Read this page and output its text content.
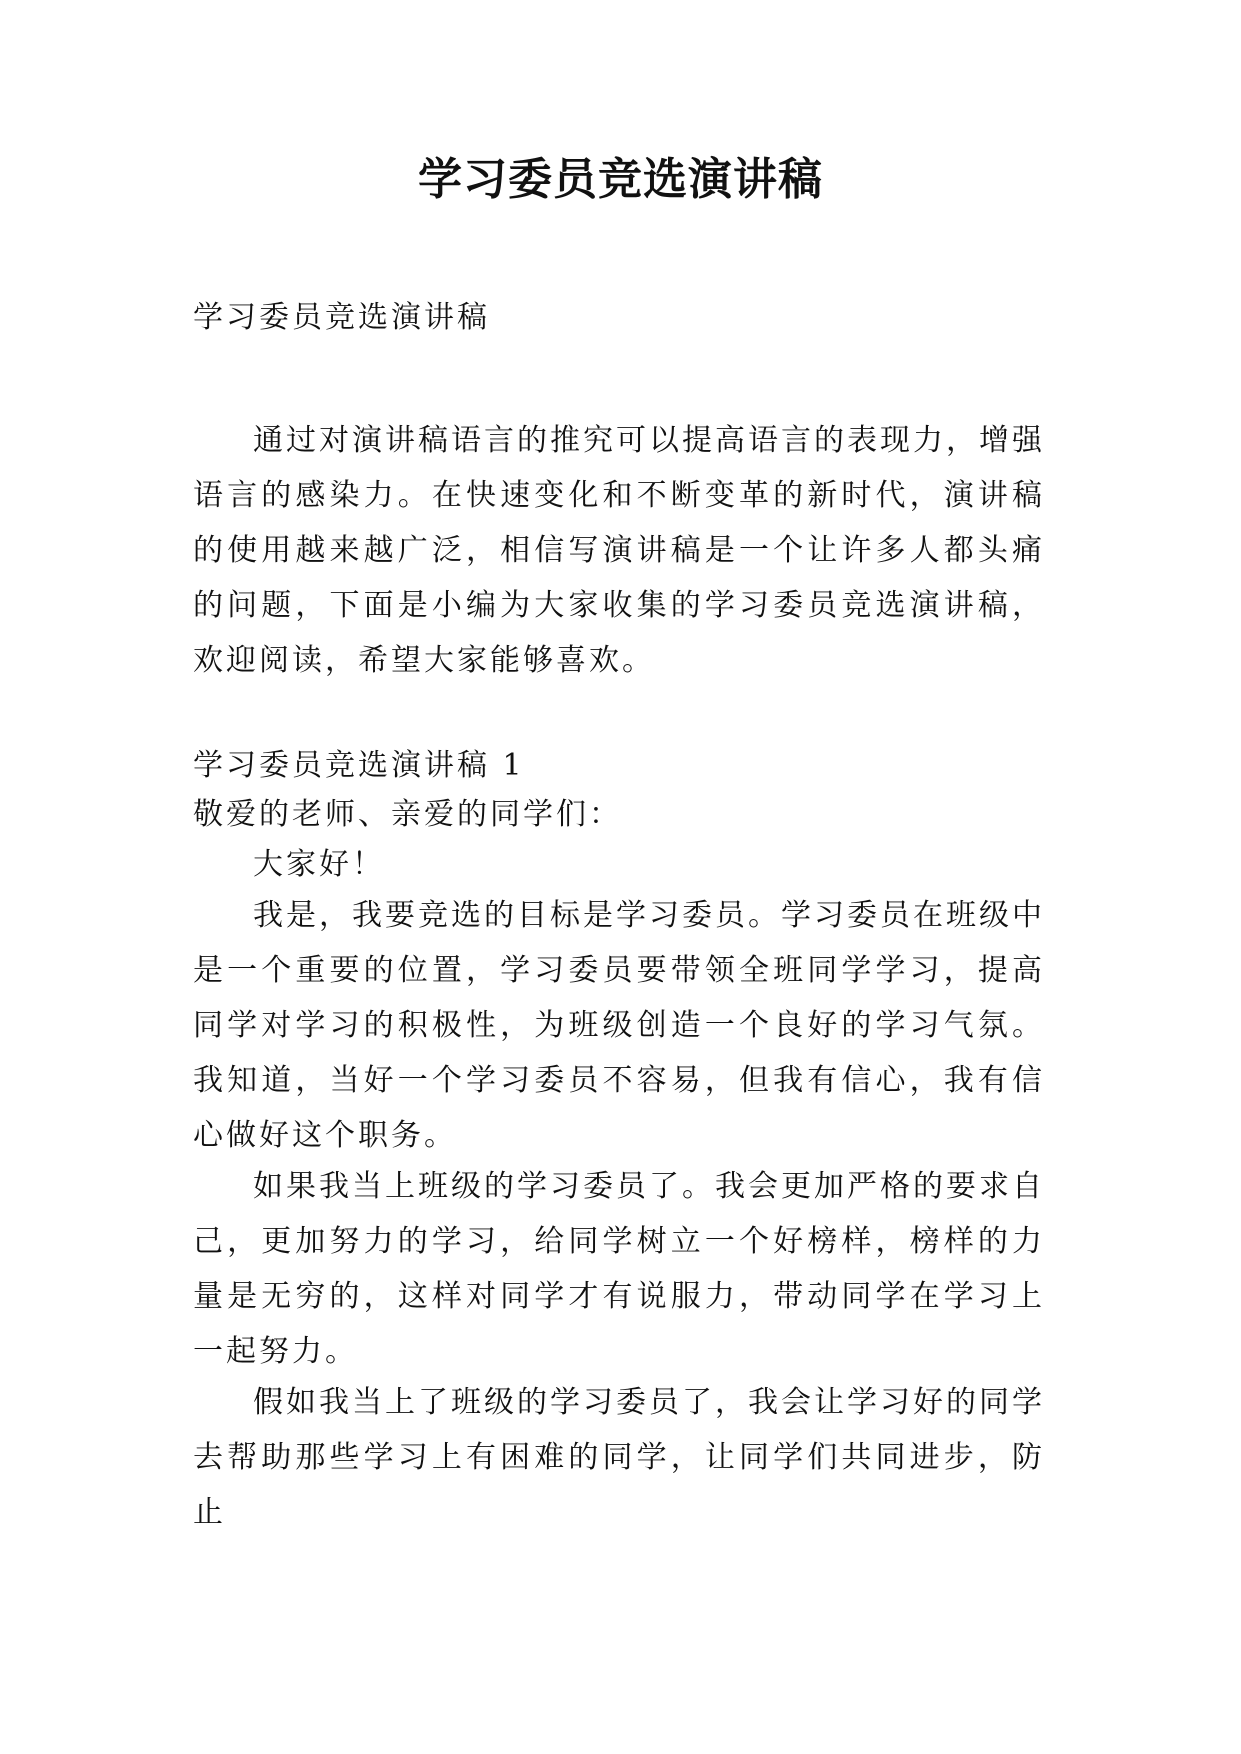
学习委员竞选演讲稿

学习委员竞选演讲稿

通过对演讲稿语言的推究可以提高语言的表现力，增强语言的感染力。在快速变化和不断变革的新时代，演讲稿的使用越来越广泛，相信写演讲稿是一个让许多人都头痛的问题，下面是小编为大家收集的学习委员竞选演讲稿，欢迎阅读，希望大家能够喜欢。

学习委员竞选演讲稿 1

敬爱的老师、亲爱的同学们：

大家好！

我是，我要竞选的目标是学习委员。学习委员在班级中是一个重要的位置，学习委员要带领全班同学学习，提高同学对学习的积极性，为班级创造一个良好的学习气氛。我知道，当好一个学习委员不容易，但我有信心，我有信心做好这个职务。

如果我当上班级的学习委员了。我会更加严格的要求自己，更加努力的学习，给同学树立一个好榜样，榜样的力量是无穷的，这样对同学才有说服力，带动同学在学习上一起努力。

假如我当上了班级的学习委员了，我会让学习好的同学去帮助那些学习上有困难的同学，让同学们共同进步，防止
